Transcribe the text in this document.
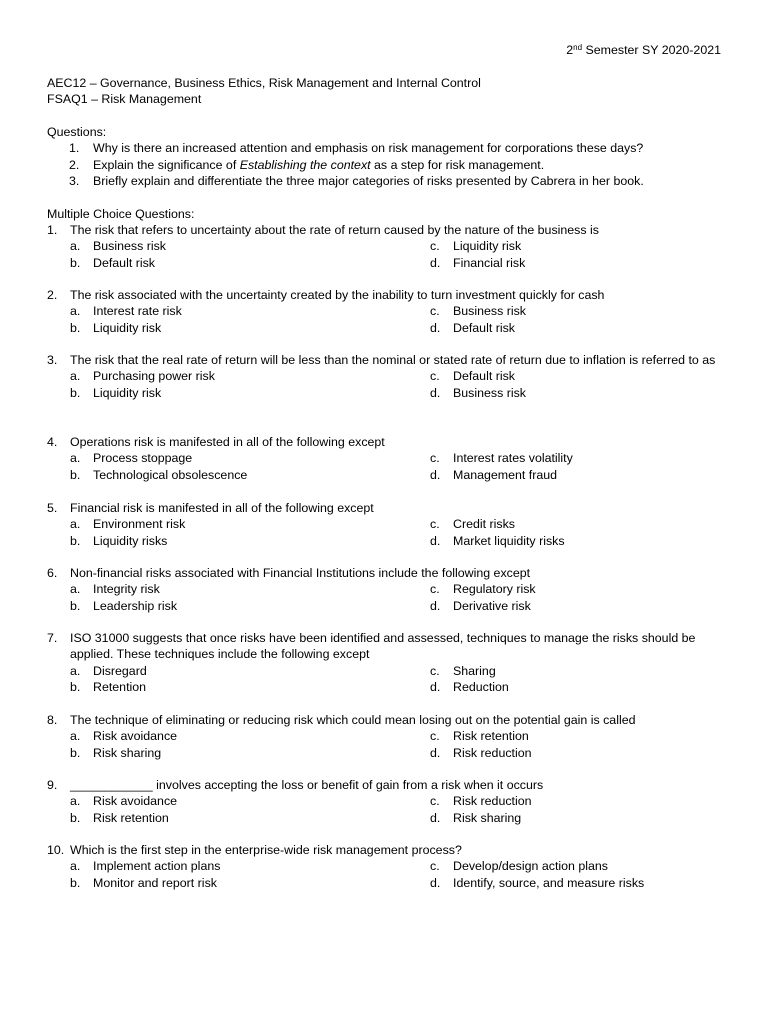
2nd Semester SY 2020-2021
AEC12 – Governance, Business Ethics, Risk Management and Internal Control
FSAQ1 – Risk Management
Questions:
1. Why is there an increased attention and emphasis on risk management for corporations these days?
2. Explain the significance of Establishing the context as a step for risk management.
3. Briefly explain and differentiate the three major categories of risks presented by Cabrera in her book.
Multiple Choice Questions:
1. The risk that refers to uncertainty about the rate of return caused by the nature of the business is
a. Business risk
b. Default risk
c. Liquidity risk
d. Financial risk
2. The risk associated with the uncertainty created by the inability to turn investment quickly for cash
a. Interest rate risk
b. Liquidity risk
c. Business risk
d. Default risk
3. The risk that the real rate of return will be less than the nominal or stated rate of return due to inflation is referred to as
a. Purchasing power risk
b. Liquidity risk
c. Default risk
d. Business risk
4. Operations risk is manifested in all of the following except
a. Process stoppage
b. Technological obsolescence
c. Interest rates volatility
d. Management fraud
5. Financial risk is manifested in all of the following except
a. Environment risk
b. Liquidity risks
c. Credit risks
d. Market liquidity risks
6. Non-financial risks associated with Financial Institutions include the following except
a. Integrity risk
b. Leadership risk
c. Regulatory risk
d. Derivative risk
7. ISO 31000 suggests that once risks have been identified and assessed, techniques to manage the risks should be applied. These techniques include the following except
a. Disregard
b. Retention
c. Sharing
d. Reduction
8. The technique of eliminating or reducing risk which could mean losing out on the potential gain is called
a. Risk avoidance
b. Risk sharing
c. Risk retention
d. Risk reduction
9. ____________ involves accepting the loss or benefit of gain from a risk when it occurs
a. Risk avoidance
b. Risk retention
c. Risk reduction
d. Risk sharing
10. Which is the first step in the enterprise-wide risk management process?
a. Implement action plans
b. Monitor and report risk
c. Develop/design action plans
d. Identify, source, and measure risks
